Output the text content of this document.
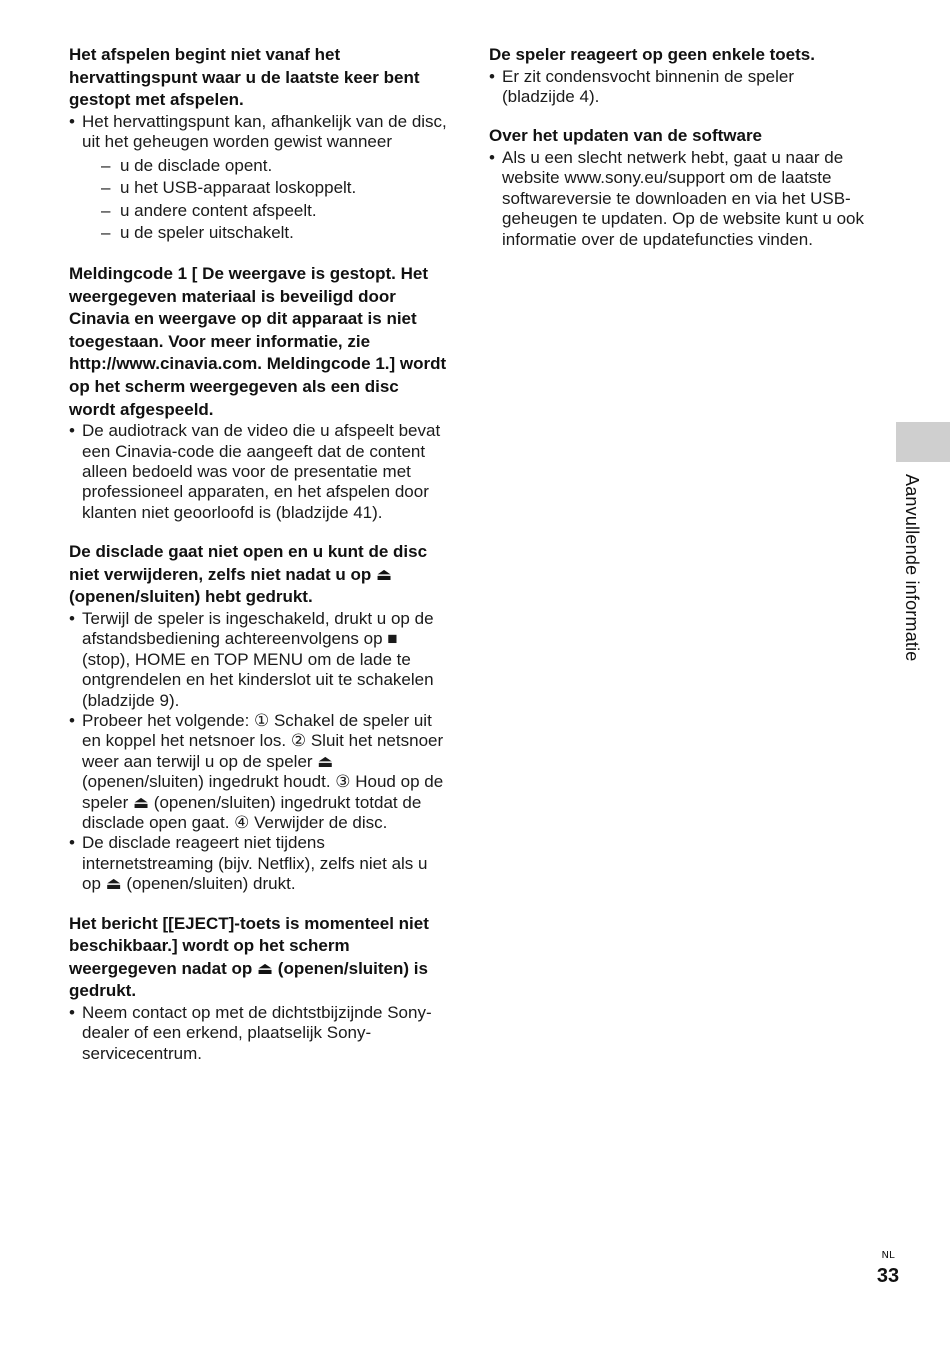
Het afspelen begint niet vanaf het hervattingspunt waar u de laatste keer bent gestopt met afspelen.

• Het hervattingspunt kan, afhankelijk van de disc, uit het geheugen worden gewist wanneer
– u de disclade opent.
– u het USB-apparaat loskoppelt.
– u andere content afspeelt.
– u de speler uitschakelt.

Meldingcode 1 [ De weergave is gestopt. Het weergegeven materiaal is beveiligd door Cinavia en weergave op dit apparaat is niet toegestaan. Voor meer informatie, zie http://www.cinavia.com. Meldingcode 1.] wordt op het scherm weergegeven als een disc wordt afgespeeld.

• De audiotrack van de video die u afspeelt bevat een Cinavia-code die aangeeft dat de content alleen bedoeld was voor de presentatie met professioneel apparaten, en het afspelen door klanten niet geoorloofd is (bladzijde 41).

De disclade gaat niet open en u kunt de disc niet verwijderen, zelfs niet nadat u op ⏏ (openen/sluiten) hebt gedrukt.

• Terwijl de speler is ingeschakeld, drukt u op de afstandsbediening achtereenvolgens op ■ (stop), HOME en TOP MENU om de lade te ontgrendelen en het kinderslot uit te schakelen (bladzijde 9).
• Probeer het volgende: ① Schakel de speler uit en koppel het netsnoer los. ② Sluit het netsnoer weer aan terwijl u op de speler ⏏ (openen/sluiten) ingedrukt houdt. ③ Houd op de speler ⏏ (openen/sluiten) ingedrukt totdat de disclade open gaat. ④ Verwijder de disc.
• De disclade reageert niet tijdens internetstreaming (bijv. Netflix), zelfs niet als u op ⏏ (openen/sluiten) drukt.

Het bericht [[EJECT]-toets is momenteel niet beschikbaar.] wordt op het scherm weergegeven nadat op ⏏ (openen/sluiten) is gedrukt.

• Neem contact op met de dichtstbijzijnde Sony-dealer of een erkend, plaatselijk Sony-servicecentrum.

De speler reageert op geen enkele toets.

• Er zit condensvocht binnenin de speler (bladzijde 4).

Over het updaten van de software

• Als u een slecht netwerk hebt, gaat u naar de website www.sony.eu/support om de laatste softwareversie te downloaden en via het USB-geheugen te updaten. Op de website kunt u ook informatie over de updatefuncties vinden.
Aanvullende informatie
NL
33
